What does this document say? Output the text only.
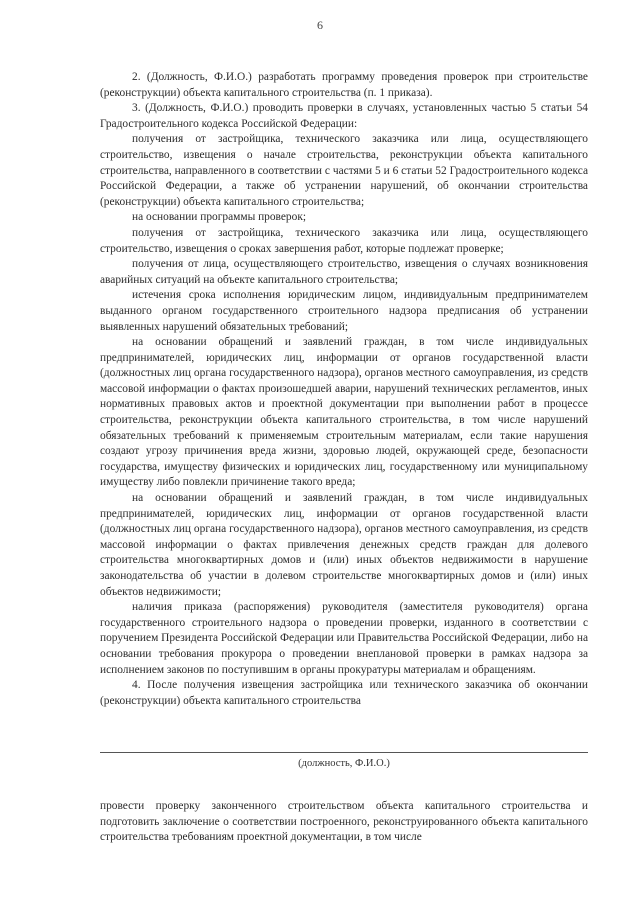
6

2. (Должность, Ф.И.О.) разработать программу проведения проверок при строительстве (реконструкции) объекта капитального строительства (п. 1 приказа).

3. (Должность, Ф.И.О.) проводить проверки в случаях, установленных частью 5 статьи 54 Градостроительного кодекса Российской Федерации:

получения от застройщика, технического заказчика или лица, осуществляющего строительство, извещения о начале строительства, реконструкции объекта капитального строительства, направленного в соответствии с частями 5 и 6 статьи 52 Градостроительного кодекса Российской Федерации, а также об устранении нарушений, об окончании строительства (реконструкции) объекта капитального строительства;

на основании программы проверок;

получения от застройщика, технического заказчика или лица, осуществляющего строительство, извещения о сроках завершения работ, которые подлежат проверке;

получения от лица, осуществляющего строительство, извещения о случаях возникновения аварийных ситуаций на объекте капитального строительства;

истечения срока исполнения юридическим лицом, индивидуальным предпринимателем выданного органом государственного строительного надзора предписания об устранении выявленных нарушений обязательных требований;

на основании обращений и заявлений граждан, в том числе индивидуальных предпринимателей, юридических лиц, информации от органов государственной власти (должностных лиц органа государственного надзора), органов местного самоуправления, из средств массовой информации о фактах произошедшей аварии, нарушений технических регламентов, иных нормативных правовых актов и проектной документации при выполнении работ в процессе строительства, реконструкции объекта капитального строительства, в том числе нарушений обязательных требований к применяемым строительным материалам, если такие нарушения создают угрозу причинения вреда жизни, здоровью людей, окружающей среде, безопасности государства, имуществу физических и юридических лиц, государственному или муниципальному имуществу либо повлекли причинение такого вреда;

на основании обращений и заявлений граждан, в том числе индивидуальных предпринимателей, юридических лиц, информации от органов государственной власти (должностных лиц органа государственного надзора), органов местного самоуправления, из средств массовой информации о фактах привлечения денежных средств граждан для долевого строительства многоквартирных домов и (или) иных объектов недвижимости в нарушение законодательства об участии в долевом строительстве многоквартирных домов и (или) иных объектов недвижимости;

наличия приказа (распоряжения) руководителя (заместителя руководителя) органа государственного строительного надзора о проведении проверки, изданного в соответствии с поручением Президента Российской Федерации или Правительства Российской Федерации, либо на основании требования прокурора о проведении внеплановой проверки в рамках надзора за исполнением законов по поступившим в органы прокуратуры материалам и обращениям.

4. После получения извещения застройщика или технического заказчика об окончании (реконструкции) объекта капитального строительства

(должность, Ф.И.О.)

провести проверку законченного строительством объекта капитального строительства и подготовить заключение о соответствии построенного, реконструированного объекта капитального строительства требованиям проектной документации, в том числе
